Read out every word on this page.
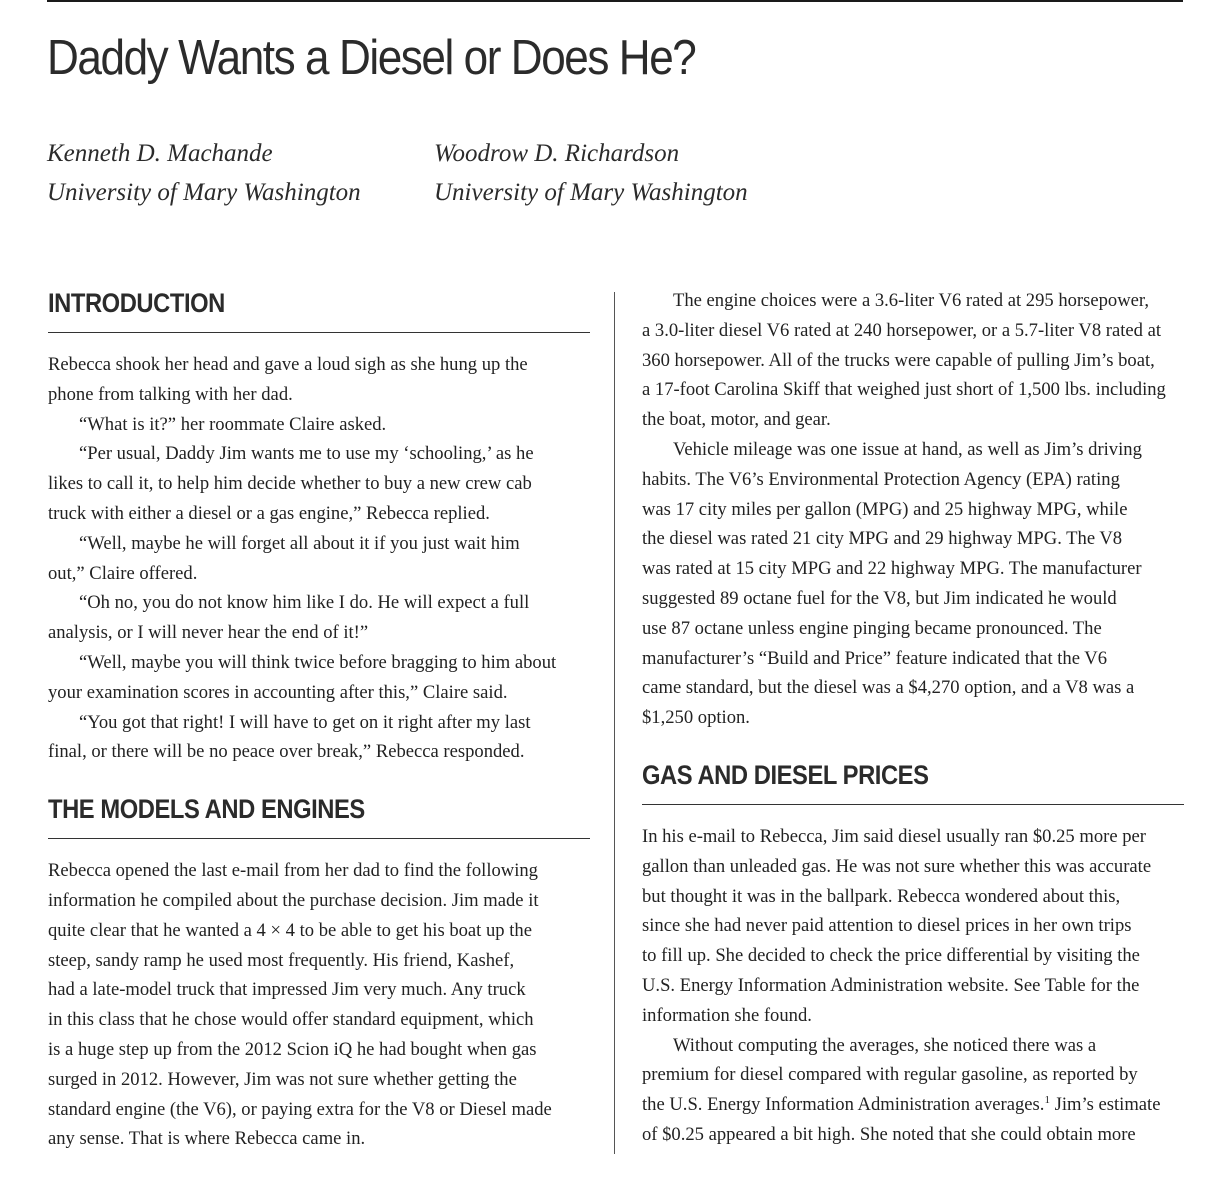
Daddy Wants a Diesel or Does He?
Kenneth D. Machande
University of Mary Washington
Woodrow D. Richardson
University of Mary Washington
INTRODUCTION
Rebecca shook her head and gave a loud sigh as she hung up the
phone from talking with her dad.
“What is it?” her roommate Claire asked.
“Per usual, Daddy Jim wants me to use my ‘schooling,’ as he
likes to call it, to help him decide whether to buy a new crew cab
truck with either a diesel or a gas engine,” Rebecca replied.
“Well, maybe he will forget all about it if you just wait him
out,” Claire offered.
“Oh no, you do not know him like I do. He will expect a full
analysis, or I will never hear the end of it!”
“Well, maybe you will think twice before bragging to him about
your examination scores in accounting after this,” Claire said.
“You got that right! I will have to get on it right after my last
final, or there will be no peace over break,” Rebecca responded.
THE MODELS AND ENGINES
Rebecca opened the last e-mail from her dad to find the following
information he compiled about the purchase decision. Jim made it
quite clear that he wanted a 4 × 4 to be able to get his boat up the
steep, sandy ramp he used most frequently. His friend, Kashef,
had a late-model truck that impressed Jim very much. Any truck
in this class that he chose would offer standard equipment, which
is a huge step up from the 2012 Scion iQ he had bought when gas
surged in 2012. However, Jim was not sure whether getting the
standard engine (the V6), or paying extra for the V8 or Diesel made
any sense. That is where Rebecca came in.
The engine choices were a 3.6-liter V6 rated at 295 horsepower,
a 3.0-liter diesel V6 rated at 240 horsepower, or a 5.7-liter V8 rated at
360 horsepower. All of the trucks were capable of pulling Jim’s boat,
a 17-foot Carolina Skiff that weighed just short of 1,500 lbs. including
the boat, motor, and gear.
Vehicle mileage was one issue at hand, as well as Jim’s driving
habits. The V6’s Environmental Protection Agency (EPA) rating
was 17 city miles per gallon (MPG) and 25 highway MPG, while
the diesel was rated 21 city MPG and 29 highway MPG. The V8
was rated at 15 city MPG and 22 highway MPG. The manufacturer
suggested 89 octane fuel for the V8, but Jim indicated he would
use 87 octane unless engine pinging became pronounced. The
manufacturer’s “Build and Price” feature indicated that the V6
came standard, but the diesel was a $4,270 option, and a V8 was a
$1,250 option.
GAS AND DIESEL PRICES
In his e-mail to Rebecca, Jim said diesel usually ran $0.25 more per
gallon than unleaded gas. He was not sure whether this was accurate
but thought it was in the ballpark. Rebecca wondered about this,
since she had never paid attention to diesel prices in her own trips
to fill up. She decided to check the price differential by visiting the
U.S. Energy Information Administration website. See Table for the
information she found.
Without computing the averages, she noticed there was a
premium for diesel compared with regular gasoline, as reported by
the U.S. Energy Information Administration averages.$^1$ Jim’s estimate
of $0.25 appeared a bit high. She noted that she could obtain more
